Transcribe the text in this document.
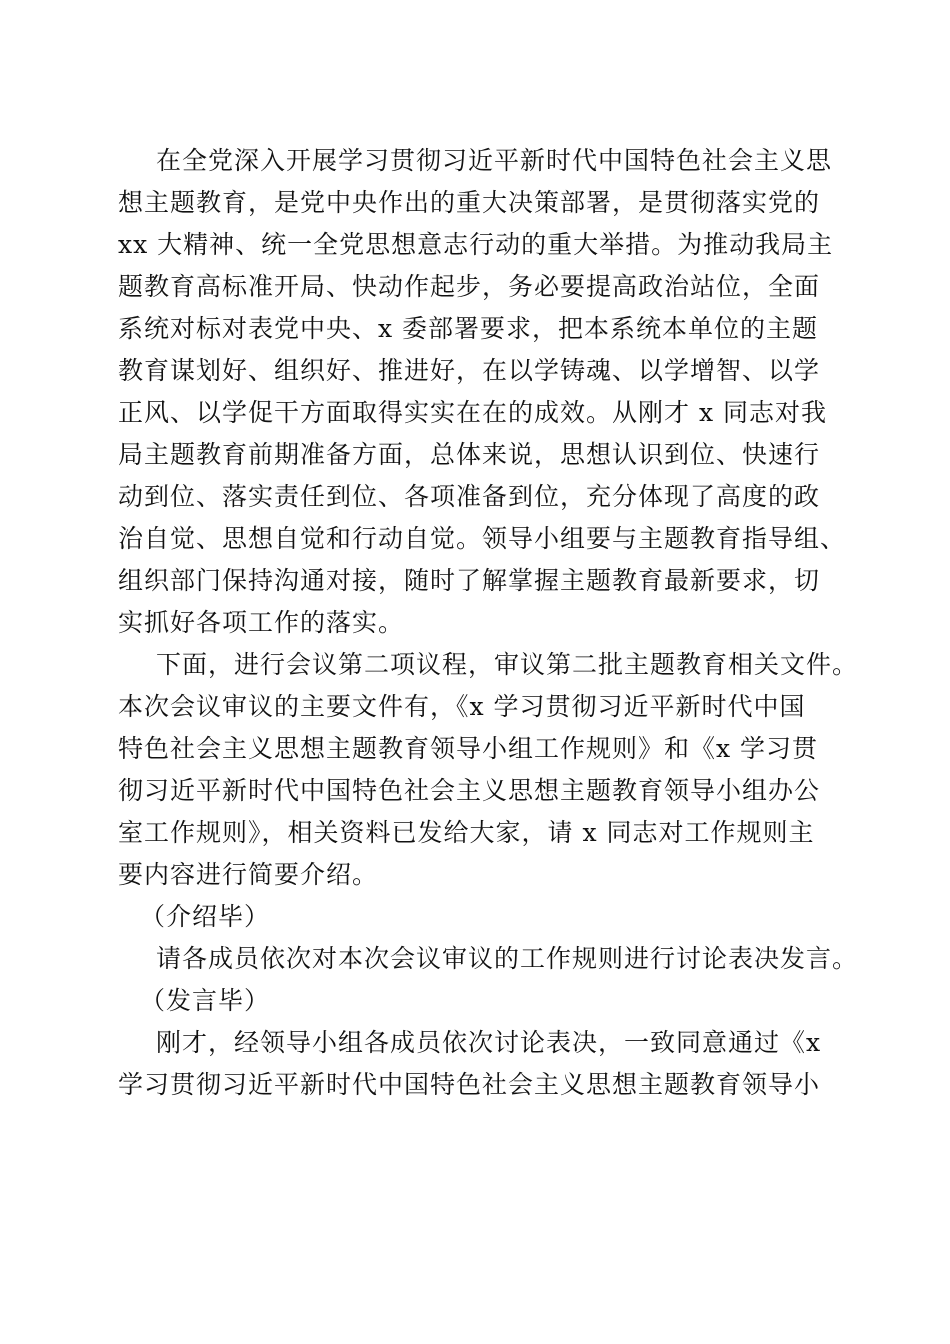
在全党深入开展学习贯彻习近平新时代中国特色社会主义思
想主题教育，是党中央作出的重大决策部署，是贯彻落实党的
xx 大精神、统一全党思想意志行动的重大举措。为推动我局主
题教育高标准开局、快动作起步，务必要提高政治站位，全面
系统对标对表党中央、x 委部署要求，把本系统本单位的主题
教育谋划好、组织好、推进好，在以学铸魂、以学增智、以学
正风、以学促干方面取得实实在在的成效。从刚才 x 同志对我
局主题教育前期准备方面，总体来说，思想认识到位、快速行
动到位、落实责任到位、各项准备到位，充分体现了高度的政
治自觉、思想自觉和行动自觉。领导小组要与主题教育指导组、
组织部门保持沟通对接，随时了解掌握主题教育最新要求，切
实抓好各项工作的落实。
下面，进行会议第二项议程，审议第二批主题教育相关文件。
本次会议审议的主要文件有，《x 学习贯彻习近平新时代中国
特色社会主义思想主题教育领导小组工作规则》和《x 学习贯
彻习近平新时代中国特色社会主义思想主题教育领导小组办公
室工作规则》，相关资料已发给大家，请 x 同志对工作规则主
要内容进行简要介绍。
（介绍毕）
请各成员依次对本次会议审议的工作规则进行讨论表决发言。
（发言毕）
刚才，经领导小组各成员依次讨论表决，一致同意通过《x
学习贯彻习近平新时代中国特色社会主义思想主题教育领导小
